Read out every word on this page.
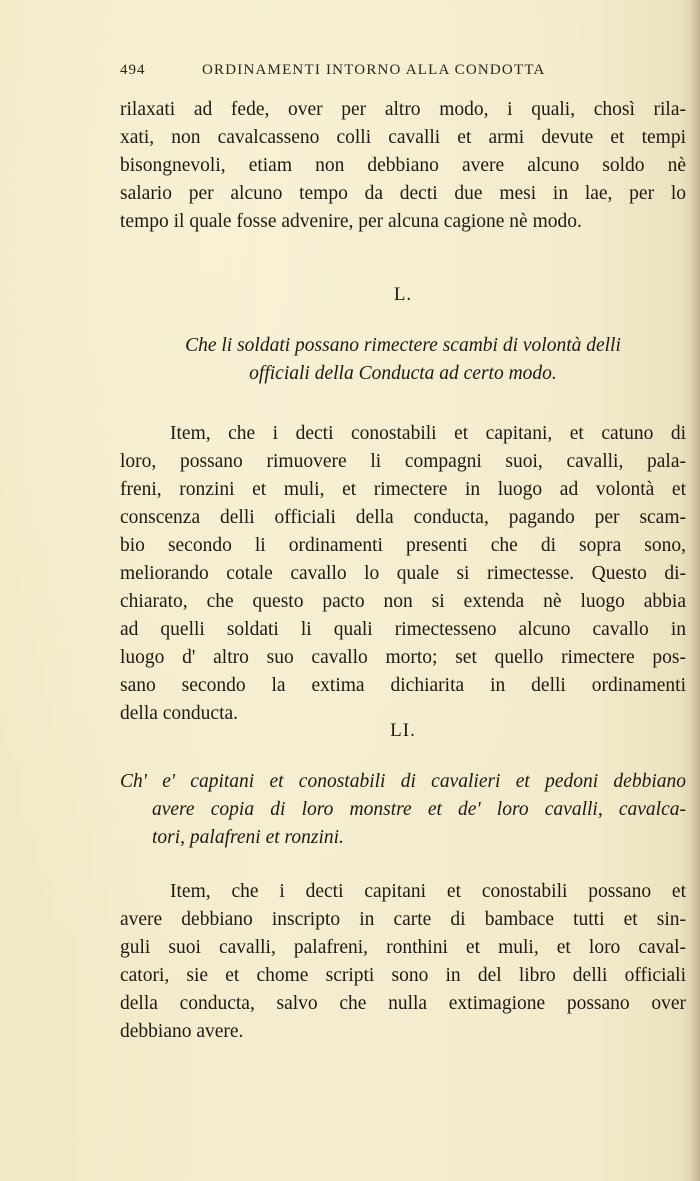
494	ORDINAMENTI INTORNO ALLA CONDOTTA
rilaxati ad fede, over per altro modo, i quali, chosì rila-
xati, non cavalcasseno colli cavalli et armi devute et tempi
bisongnevoli, etiam non debbiano avere alcuno soldo nè
salario per alcuno tempo da decti due mesi in lae, per lo
tempo il quale fosse advenire, per alcuna cagione nè modo.
L.
Che li soldati possano rimectere scambi di volontà delli
officiali della Conducta ad certo modo.
Item, che i decti conostabili et capitani, et catuno di
loro, possano rimuovere li compagni suoi, cavalli, pala-
freni, ronzini et muli, et rimectere in luogo ad volontà et
conscenza delli officiali della conducta, pagando per scam-
bio secondo li ordinamenti presenti che di sopra sono,
meliorando cotale cavallo lo quale si rimectesse. Questo di-
chiarato, che questo pacto non si extenda nè luogo abbia
ad quelli soldati li quali rimectesseno alcuno cavallo in
luogo d' altro suo cavallo morto; set quello rimectere pos-
sano secondo la extima dichiarita in delli ordinamenti
della conducta.
LI.
Ch' e' capitani et conostabili di cavalieri et pedoni debbiano
avere copia di loro monstre et de' loro cavalli, cavalca-
tori, palafreni et ronzini.
Item, che i decti capitani et conostabili possano et
avere debbiano inscripto in carte di bambace tutti et sin-
guli suoi cavalli, palafreni, ronthini et muli, et loro caval-
catori, sie et chome scripti sono in del libro delli officiali
della conducta, salvo che nulla extimagione possano over
debbiano avere.
